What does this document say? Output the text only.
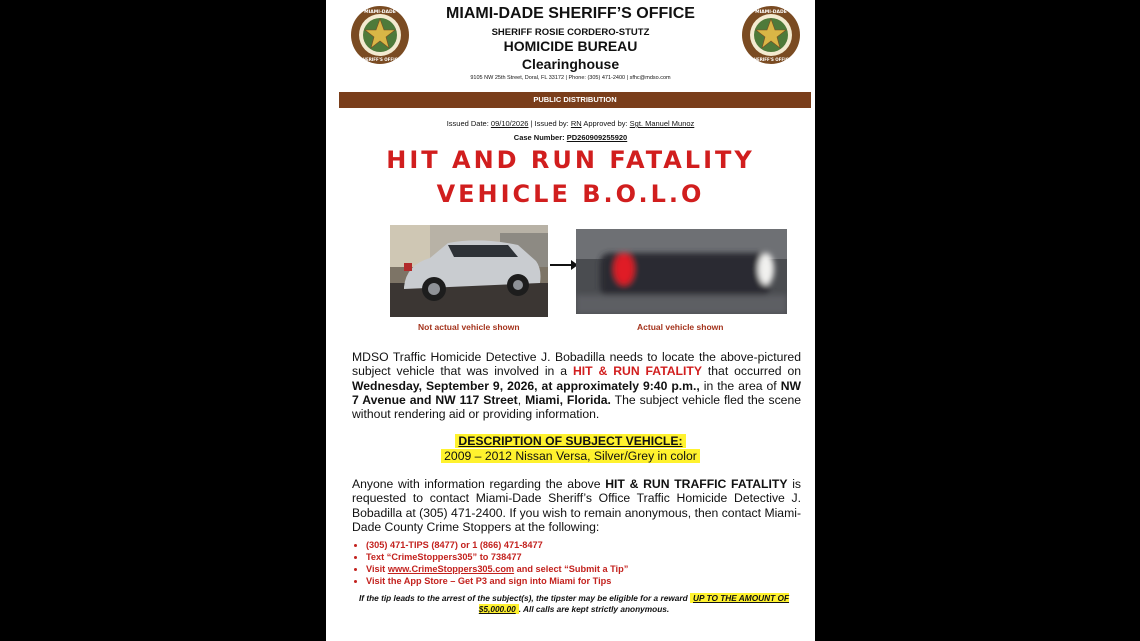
MIAMI-DADE
SHERIFF'S OFFICE
MIAMI-DADE
SHERIFF'S OFFICE
MIAMI-DADE SHERIFF’S OFFICE
SHERIFF ROSIE CORDERO-STUTZ
HOMICIDE BUREAU
Clearinghouse
9105 NW 25th Street, Doral, FL 33172 | Phone: (305) 471-2400 | sfhc@mdso.com
PUBLIC DISTRIBUTION
Issued Date: 09/10/2026 | Issued by: RN Approved by: Sgt. Manuel Munoz
Case Number: PD260909255920
HIT AND RUN FATALITY
VEHICLE B.O.L.O
Not actual vehicle shown	Actual vehicle shown
MDSO Traffic Homicide Detective J. Bobadilla needs to locate the above-pictured subject vehicle that was involved in a HIT & RUN FATALITY that occurred on Wednesday, September 9, 2026, at approximately 9:40 p.m., in the area of NW 7 Avenue and NW 117 Street, Miami, Florida. The subject vehicle fled the scene without rendering aid or providing information.
DESCRIPTION OF SUBJECT VEHICLE:
2009 – 2012 Nissan Versa, Silver/Grey in color
Anyone with information regarding the above HIT & RUN TRAFFIC FATALITY is requested to contact Miami-Dade Sheriff’s Office Traffic Homicide Detective J. Bobadilla at (305) 471-2400. If you wish to remain anonymous, then contact Miami-Dade County Crime Stoppers at the following:
• (305) 471-TIPS (8477) or 1 (866) 471-8477
• Text “CrimeStoppers305” to 738477
• Visit www.CrimeStoppers305.com and select “Submit a Tip”
• Visit the App Store – Get P3 and sign into Miami for Tips
If the tip leads to the arrest of the subject(s), the tipster may be eligible for a reward UP TO THE AMOUNT OF $5,000.00 . All calls are kept strictly anonymous.
